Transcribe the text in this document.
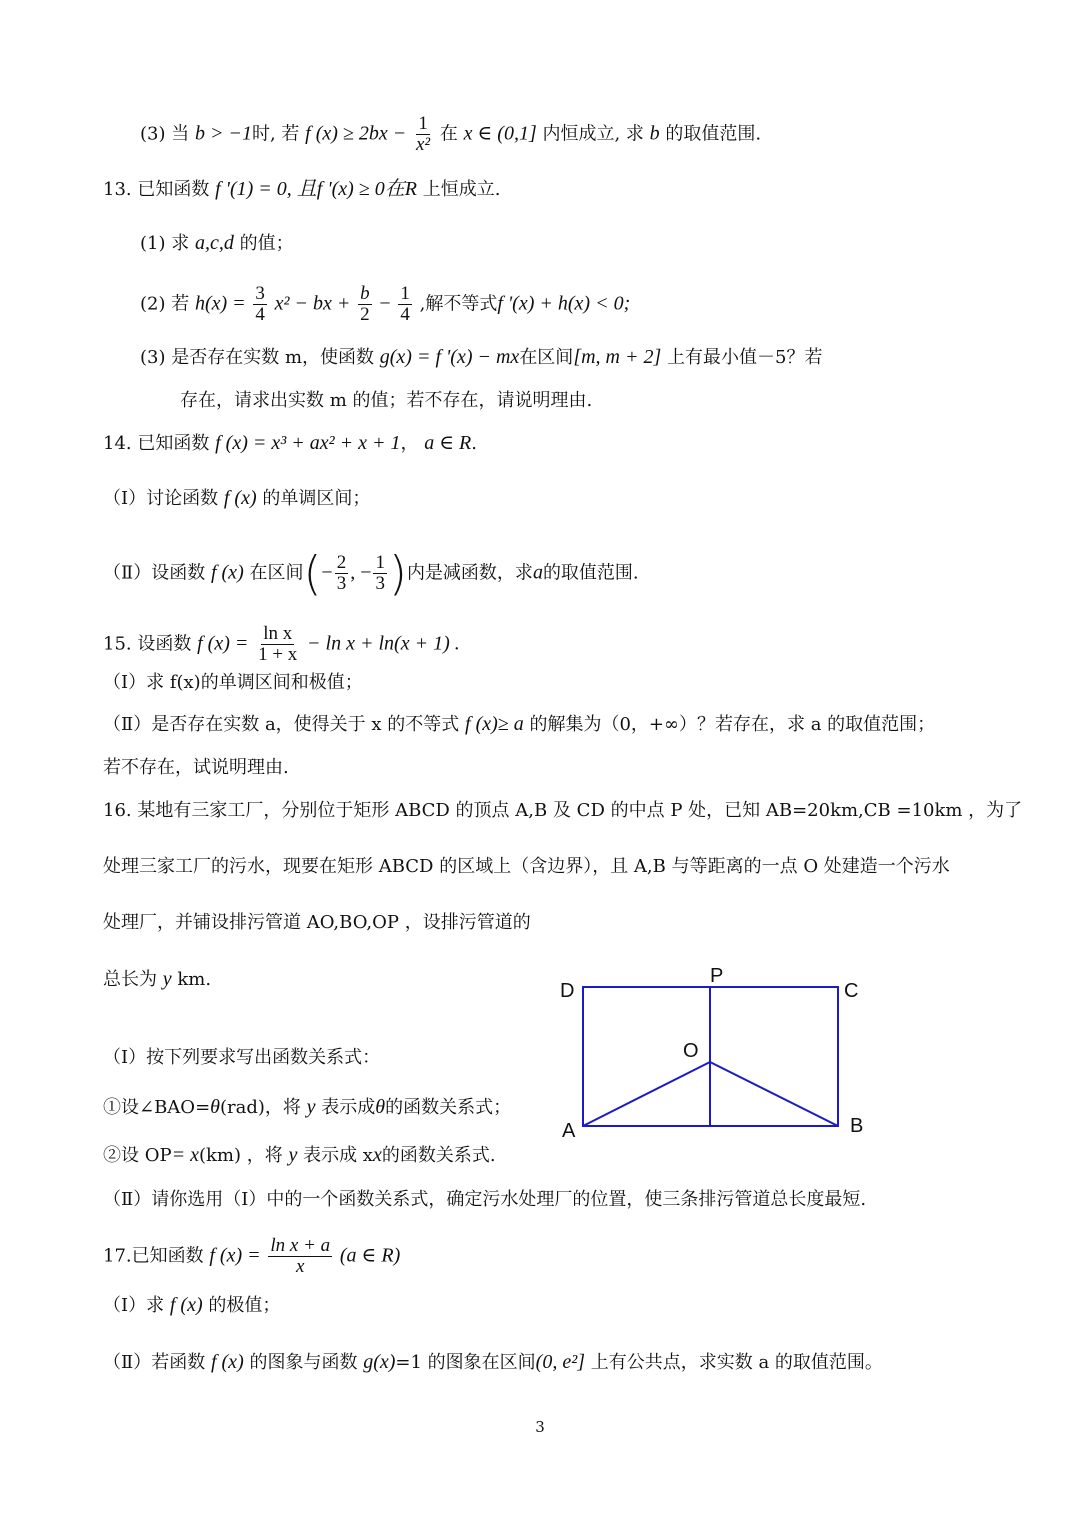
(3) 当 b > −1时, 若 f $(x) \ge 2bx - \frac{1}{\text{x²}}$ 在 x ∈ (0,1] 内恒成立, 求 b 的取值范围.
13. 已知函数 f '(1) = 0, 且f '(x) ≥ 0在R 上恒成立.
(1) 求 a,c,d 的值；
(2) 若 $h(x) = \frac{3}{4} x^2$ − bx + $\frac{b}{2} - \frac{1}{4}$ ,解不等式f '(x) + h(x) < 0;
(3) 是否存在实数 m，使函数 g(x) = f '(x) − mx在区间[m, m + 2] 上有最小值－5？若
存在，请求出实数 m 的值；若不存在，请说明理由.
14. 已知函数 f (x) = x³ + ax² + x + 1， a ∈ R.
（Ⅰ）讨论函数 f (x) 的单调区间；
（Ⅱ）设函数 f (x) 在区间(− $\frac{2}{3}$ , − $\frac{1}{3}$ )内是减函数，求a的取值范围.
15. 设函数 f $(x) = \frac{\text{ln x}}{1 + x} - \ln x + \ln(x + 1)$ .
（Ⅰ）求 f(x)的单调区间和极值；
（Ⅱ）是否存在实数 a，使得关于 x 的不等式 f (x)≥ a 的解集为（0，+∞）？若存在，求 a 的取值范围；
若不存在，试说明理由.
16. 某地有三家工厂，分别位于矩形 ABCD 的顶点 A,B 及 CD 的中点 P 处，已知 AB=20km,CB =10km ，为了
处理三家工厂的污水，现要在矩形 ABCD 的区域上（含边界），且 A,B 与等距离的一点 O 处建造一个污水
处理厂，并铺设排污管道 AO,BO,OP ，设排污管道的
总长为 y km.
（Ⅰ）按下列要求写出函数关系式：
①设∠BAO=θ(rad)，将 y 表示成θ的函数关系式；
②设 OP= x(km) ，将 y 表示成 xx的函数关系式.
（Ⅱ）请你选用（Ⅰ）中的一个函数关系式，确定污水处理厂的位置，使三条排污管道总长度最短.
D
P
C
O
A	B
17.已知函数 f $(x) = \frac{\text{ln x + a}}{x} (a$ ∈ R)
（Ⅰ）求 f (x) 的极值；
（Ⅱ）若函数 f (x) 的图象与函数 g(x)=1 的图象在区间(0, e²] 上有公共点，求实数 a 的取值范围。
3
